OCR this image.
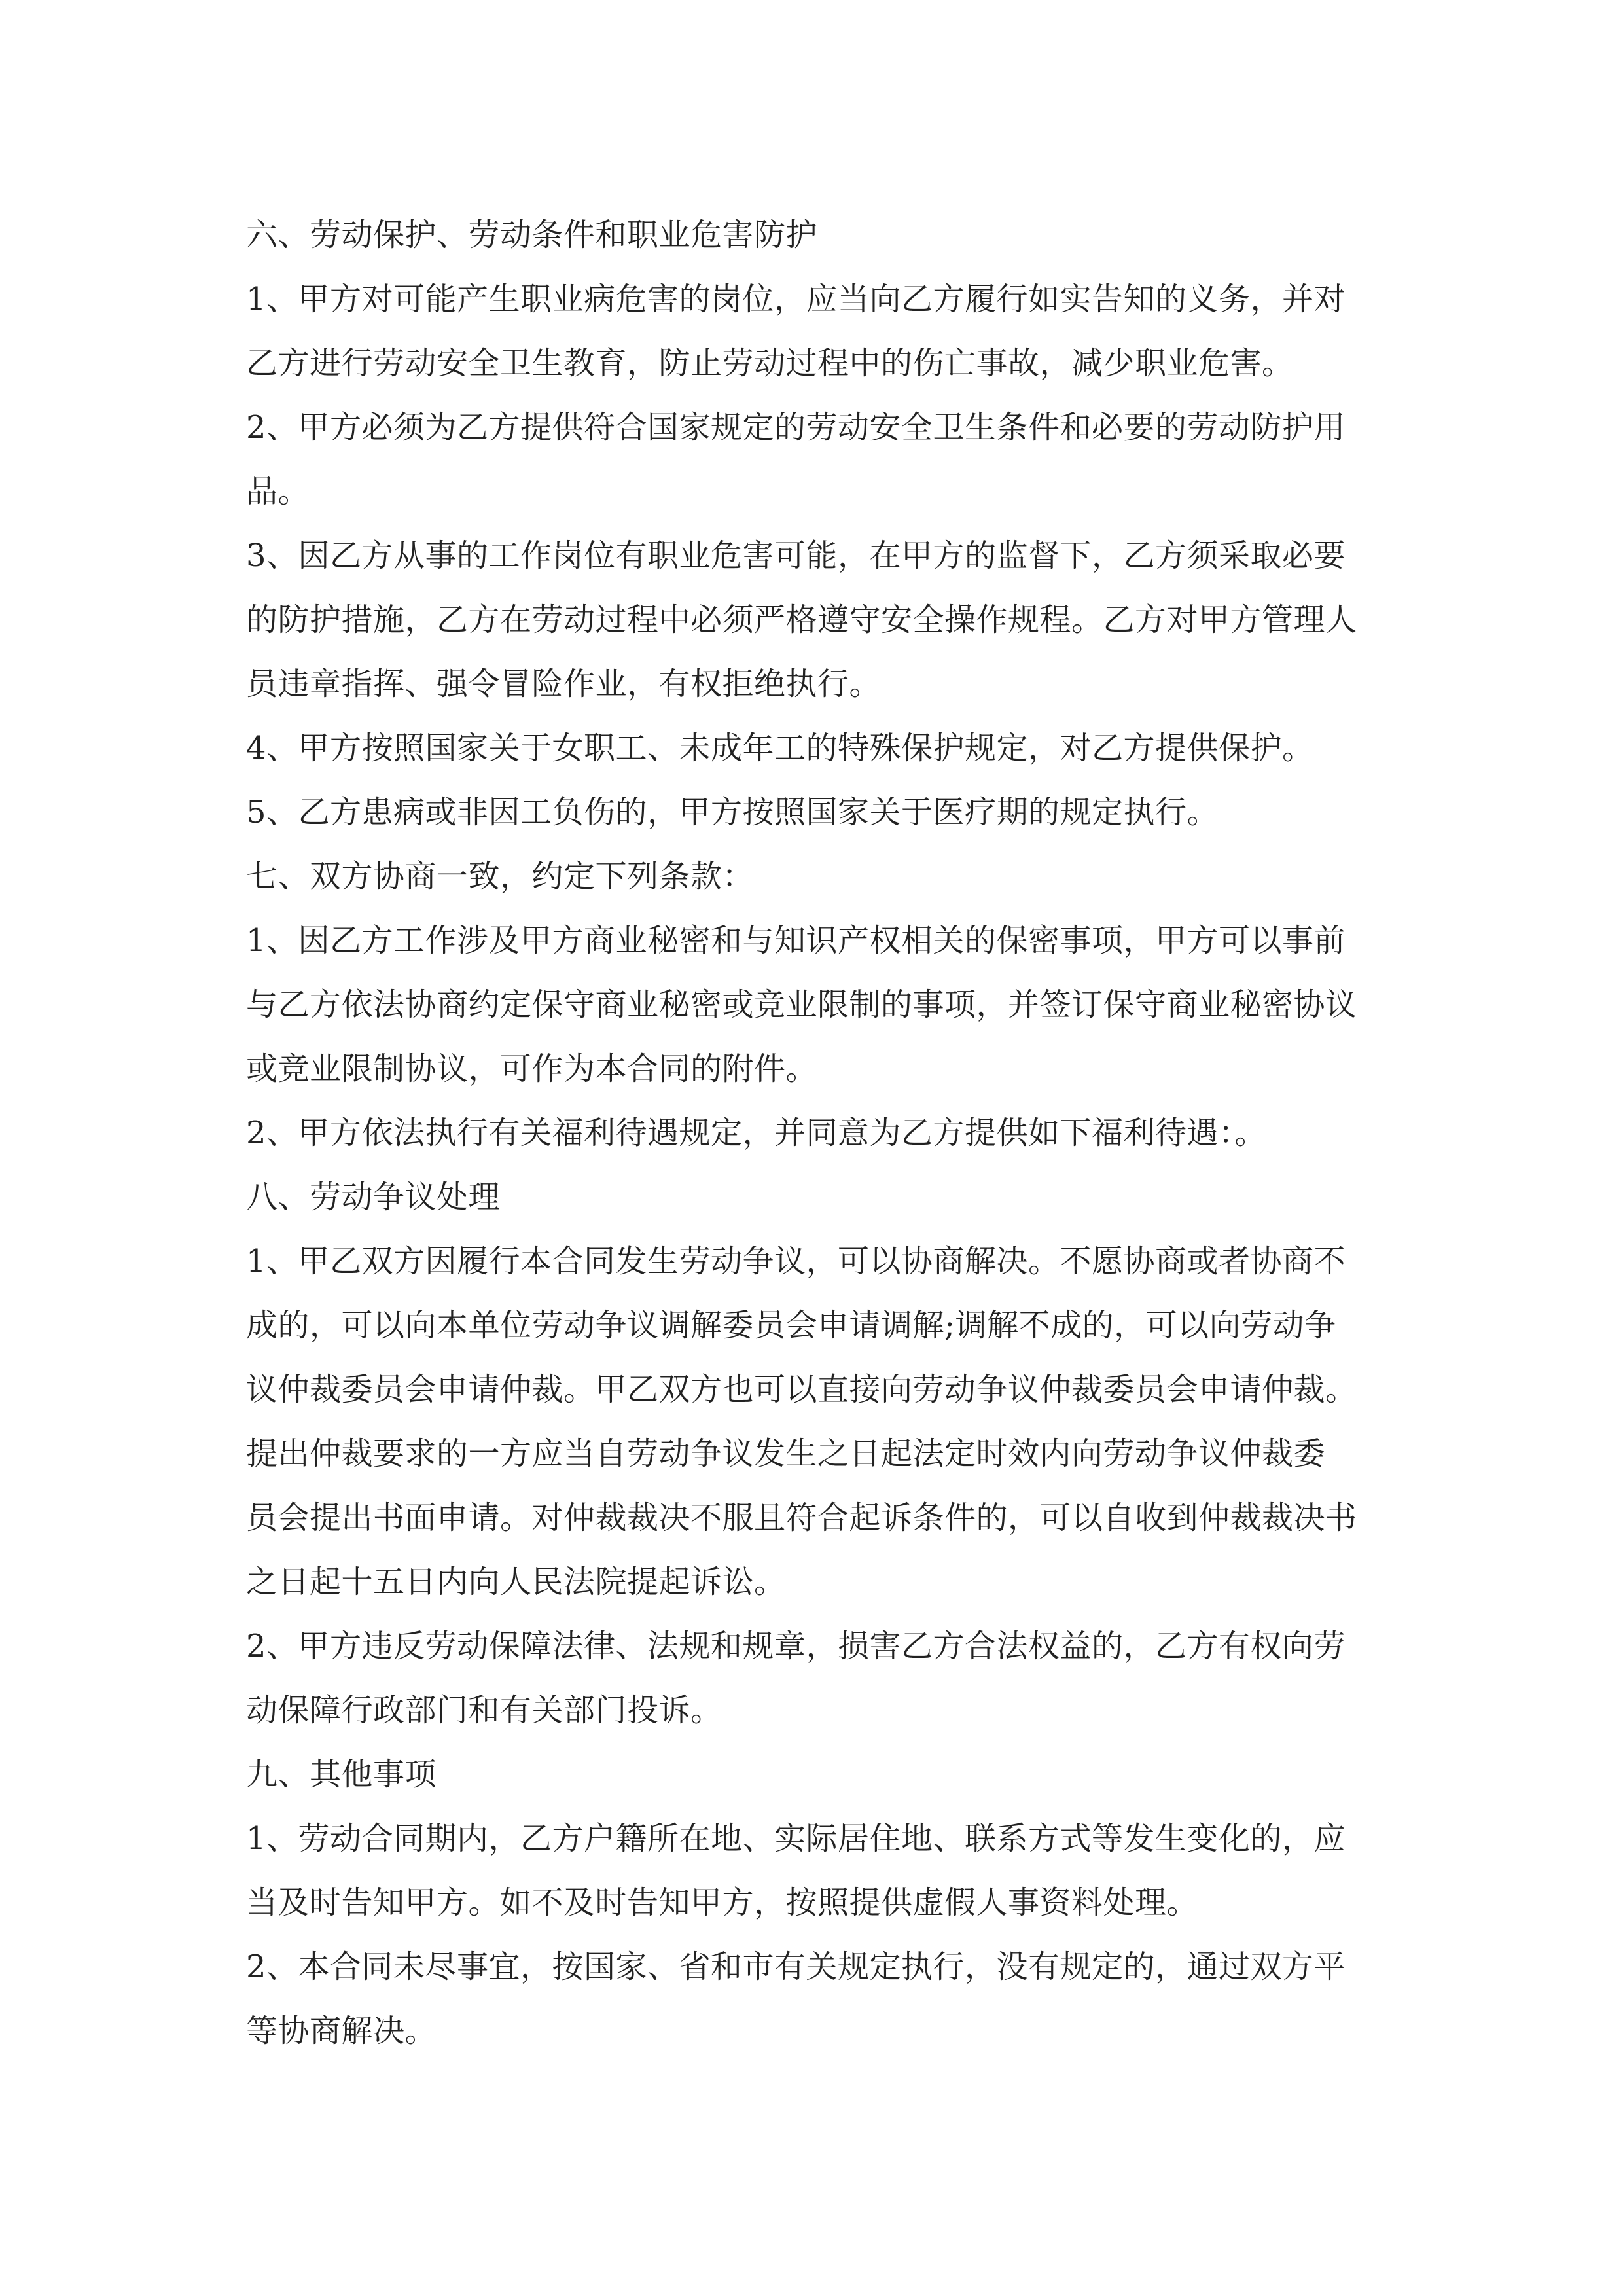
六、劳动保护、劳动条件和职业危害防护
1、甲方对可能产生职业病危害的岗位，应当向乙方履行如实告知的义务，并对
乙方进行劳动安全卫生教育，防止劳动过程中的伤亡事故，减少职业危害。
2、甲方必须为乙方提供符合国家规定的劳动安全卫生条件和必要的劳动防护用
品。
3、因乙方从事的工作岗位有职业危害可能，在甲方的监督下，乙方须采取必要
的防护措施，乙方在劳动过程中必须严格遵守安全操作规程。乙方对甲方管理人
员违章指挥、强令冒险作业，有权拒绝执行。
4、甲方按照国家关于女职工、未成年工的特殊保护规定，对乙方提供保护。
5、乙方患病或非因工负伤的，甲方按照国家关于医疗期的规定执行。
七、双方协商一致，约定下列条款：
1、因乙方工作涉及甲方商业秘密和与知识产权相关的保密事项，甲方可以事前
与乙方依法协商约定保守商业秘密或竞业限制的事项，并签订保守商业秘密协议
或竞业限制协议，可作为本合同的附件。
2、甲方依法执行有关福利待遇规定，并同意为乙方提供如下福利待遇：。
八、劳动争议处理
1、甲乙双方因履行本合同发生劳动争议，可以协商解决。不愿协商或者协商不
成的，可以向本单位劳动争议调解委员会申请调解;调解不成的，可以向劳动争
议仲裁委员会申请仲裁。甲乙双方也可以直接向劳动争议仲裁委员会申请仲裁。
提出仲裁要求的一方应当自劳动争议发生之日起法定时效内向劳动争议仲裁委
员会提出书面申请。对仲裁裁决不服且符合起诉条件的，可以自收到仲裁裁决书
之日起十五日内向人民法院提起诉讼。
2、甲方违反劳动保障法律、法规和规章，损害乙方合法权益的，乙方有权向劳
动保障行政部门和有关部门投诉。
九、其他事项
1、劳动合同期内，乙方户籍所在地、实际居住地、联系方式等发生变化的，应
当及时告知甲方。如不及时告知甲方，按照提供虚假人事资料处理。
2、本合同未尽事宜，按国家、省和市有关规定执行，没有规定的，通过双方平
等协商解决。
